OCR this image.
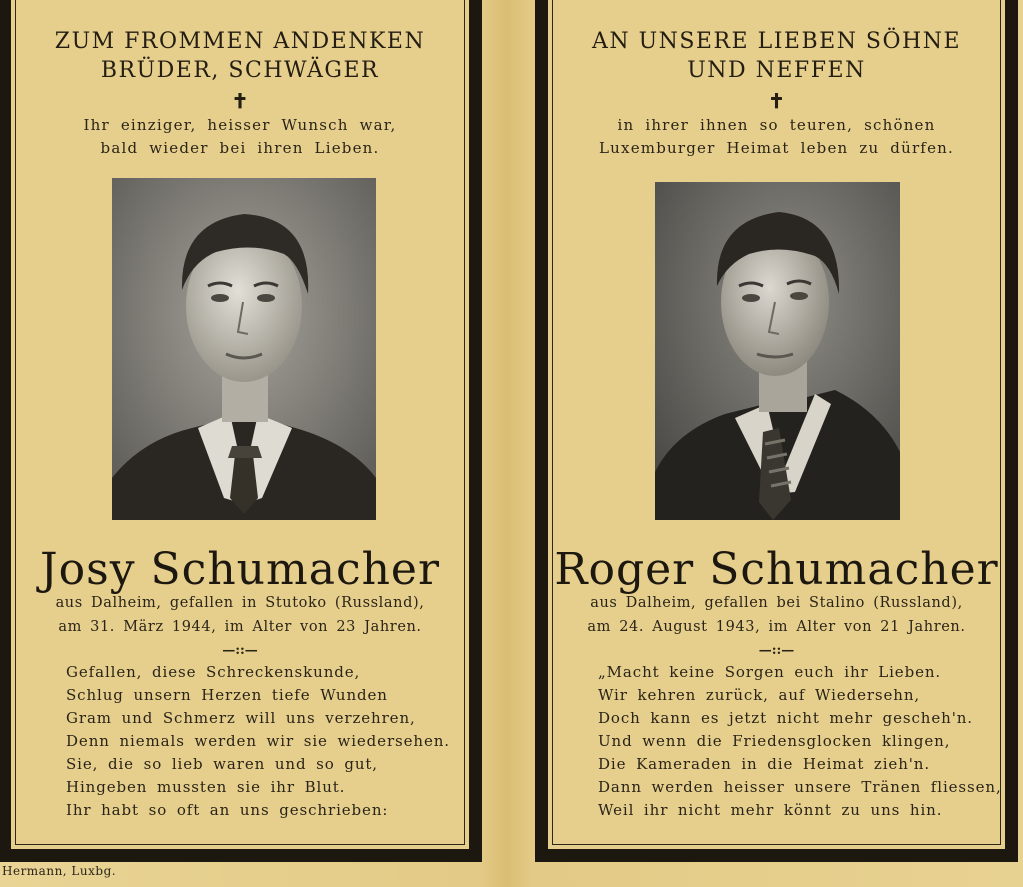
ZUM FROMMEN ANDENKEN
BRÜDER, SCHWÄGER
✝
Ihr einziger, heisser Wunsch war,
bald wieder bei ihren Lieben.
Josy Schumacher
aus Dalheim, gefallen in Stutoko (Russland),
am 31. März 1944, im Alter von 23 Jahren.
—::—
Gefallen, diese Schreckenskunde,
Schlug unsern Herzen tiefe Wunden
Gram und Schmerz will uns verzehren,
Denn niemals werden wir sie wiedersehen.
Sie, die so lieb waren und so gut,
Hingeben mussten sie ihr Blut.
Ihr habt so oft an uns geschrieben:
AN UNSERE LIEBEN SÖHNE
UND NEFFEN
✝
in ihrer ihnen so teuren, schönen
Luxemburger Heimat leben zu dürfen.
Roger Schumacher
aus Dalheim, gefallen bei Stalino (Russland),
am 24. August 1943, im Alter von 21 Jahren.
—::—
„Macht keine Sorgen euch ihr Lieben.
Wir kehren zurück, auf Wiedersehn,
Doch kann es jetzt nicht mehr gescheh'n.
Und wenn die Friedensglocken klingen,
Die Kameraden in die Heimat zieh'n.
Dann werden heisser unsere Tränen fliessen,
Weil ihr nicht mehr könnt zu uns hin.
Hermann, Luxbg.
